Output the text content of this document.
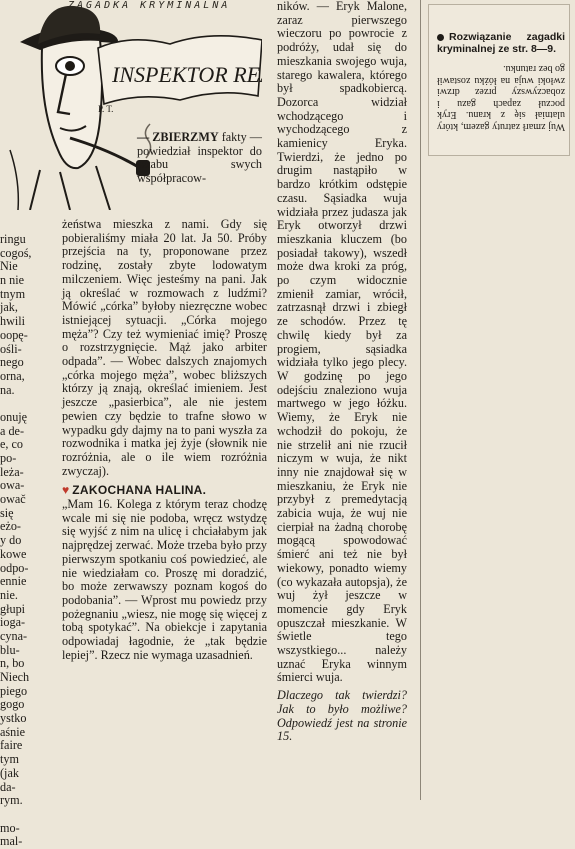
INSPEKTOR RE
P. T.
ZAGADKA KRYMINALNA
— ZBIERZMY fakty — powiedział inspektor do sztabu swych współpracow-
ringu
cogoś,
Nie
n nie
tnym
jak,
hwili
oopę-
ośli-
nego
orna,
na.
onuję
a de-
e, co
po-
leża-
owa-
owač
się
eżo-
y do
kowe
odpo-
ennie
nie.
głupi
ioga-
cyna-
blu-
n, bo
Niech
piego
gogo
ystko
aśnie
faire
tym
(jak
da-
rym.
mo-
mal-

żeństwa mieszka z nami. Gdy się pobieraliśmy miała 20 lat. Ja 50. Próby przejścia na ty, proponowane przez rodzinę, zostały zbyte lodowatym milczeniem. Więc jesteśmy na pani. Jak ją określać w rozmowach z ludźmi? Mówić „córka” byłoby niezręczne wobec istniejącej sytuacji. „Córka mojego męża”? Czy też wymieniać imię? Proszę o rozstrzygnięcie. Mąż jako arbiter odpada”. — Wobec dalszych znajomych „córka mojego męża”, wobec bliższych którzy ją znają, określać imieniem. Jest jeszcze „pasierbica”, ale nie jestem pewien czy będzie to trafne słowo w wypadku gdy dajmy na to pani wyszła za rozwodnika i matka jej żyje (słownik nie rozróżnia, ale o ile wiem rozróżnia zwyczaj).

♥ ZAKOCHANA HALINA.

„Mam 16. Kolega z którym teraz chodzę wcale mi się nie podoba, wręcz wstydzę się wyjść z nim na ulicę i chciałabym jak najprędzej zerwać. Może trzeba było przy pierwszym spotkaniu coś powiedzieć, ale nie wiedziałam co. Proszę mi doradzić, bo może zerwawszy poznam kogoś do podobania”. — Wprost mu powiedz przy pożegnaniu „wiesz, nie mogę się więcej z tobą spotykać”. Na obiekcje i zapytania odpowiadaj łagodnie, że „tak będzie lepiej”. Rzecz nie wymaga uzasadnień.

ników. — Eryk Malone, zaraz pierwszego wieczoru po powrocie z podróży, udał się do mieszkania swojego wuja, starego kawalera, którego był spadkobiercą. Dozorca widział wchodzącego i wychodzącego z kamienicy Eryka. Twierdzi, że jedno po drugim nastąpiło w bardzo krótkim odstępie czasu. Sąsiadka wuja widziała przez judasza jak Eryk otworzył drzwi mieszkania kluczem (bo posiadał takowy), wszedł może dwa kroki za próg, po czym widocznie zmienił zamiar, wrócił, zatrzasnął drzwi i zbiegł ze schodów. Przez tę chwilę kiedy był za progiem, sąsiadka widziała tylko jego plecy. W godzinę po jego odejściu znaleziono wuja martwego w jego łóżku. Wiemy, że Eryk nie wchodził do pokoju, że nie strzelił ani nie rzucił niczym w wuja, że nikt inny nie znajdował się w mieszkaniu, że Eryk nie przybył z premedytacją zabicia wuja, że wuj nie cierpiał na żadną chorobę mogącą spowodować śmierć ani też nie był wiekowy, ponadto wiemy (co wykazała autopsja), że wuj żył jeszcze w momencie gdy Eryk opuszczał mieszkanie. W świetle tego wszystkiego... należy uznać Eryka winnym śmierci wuja.

Dlaczego tak twierdzi? Jak to było możliwe? Odpowiedź jest na stronie 15.

Rozwiązanie zagadki kryminalnej ze str. 8—9.
Wuj zmarł zatruty gazem, który ulatniał się z kranu. Eryk poczuł zapach gazu i zobaczywszy przez drzwi zwłoki wuja na łóżku zostawił go bez ratunku.
